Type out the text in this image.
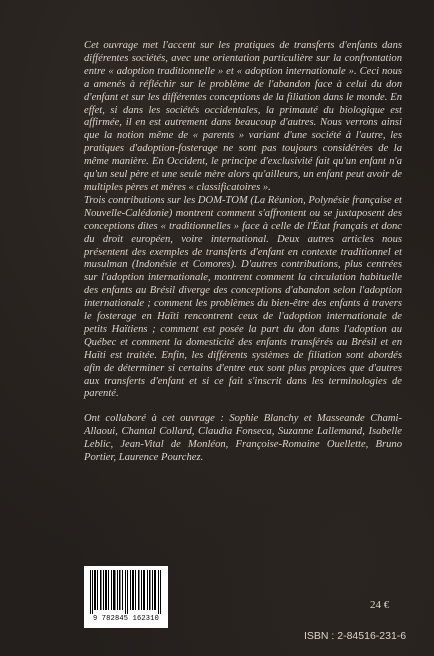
Cet ouvrage met l'accent sur les pratiques de transferts d'enfants dans différentes sociétés, avec une orientation particulière sur la confrontation entre « adoption traditionnelle » et « adoption internationale ». Ceci nous a amenés à réfléchir sur le problème de l'abandon face à celui du don d'enfant et sur les différentes conceptions de la filiation dans le monde. En effet, si dans les sociétés occidentales, la primauté du biologique est affirmée, il en est autrement dans beaucoup d'autres. Nous verrons ainsi que la notion même de « parents » variant d'une société à l'autre, les pratiques d'adoption-fosterage ne sont pas toujours considérées de la même manière. En Occident, le principe d'exclusivité fait qu'un enfant n'a qu'un seul père et une seule mère alors qu'ailleurs, un enfant peut avoir de multiples pères et mères « classificatoires ».

Trois contributions sur les DOM-TOM (La Réunion, Polynésie française et Nouvelle-Calédonie) montrent comment s'affrontent ou se juxtaposent des conceptions dites « traditionnelles » face à celle de l'État français et donc du droit européen, voire international. Deux autres articles nous présentent des exemples de transferts d'enfant en contexte traditionnel et musulman (Indonésie et Comores). D'autres contributions, plus centrées sur l'adoption internationale, montrent comment la circulation habituelle des enfants au Brésil diverge des conceptions d'abandon selon l'adoption internationale ; comment les problèmes du bien-être des enfants à travers le fosterage en Haïti rencontrent ceux de l'adoption internationale de petits Haïtiens ; comment est posée la part du don dans l'adoption au Québec et comment la domesticité des enfants transférés au Brésil et en Haïti est traitée. Enfin, les différents systèmes de filiation sont abordés afin de déterminer si certains d'entre eux sont plus propices que d'autres aux transferts d'enfant et si ce fait s'inscrit dans les terminologies de parenté.

Ont collaboré à cet ouvrage : Sophie Blanchy et Masseande Chami-Allaoui, Chantal Collard, Claudia Fonseca, Suzanne Lallemand, Isabelle Leblic, Jean-Vital de Monléon, Françoise-Romaine Ouellette, Bruno Portier, Laurence Pourchez.

24 €
9 782845 162310
ISBN : 2-84516-231-6
